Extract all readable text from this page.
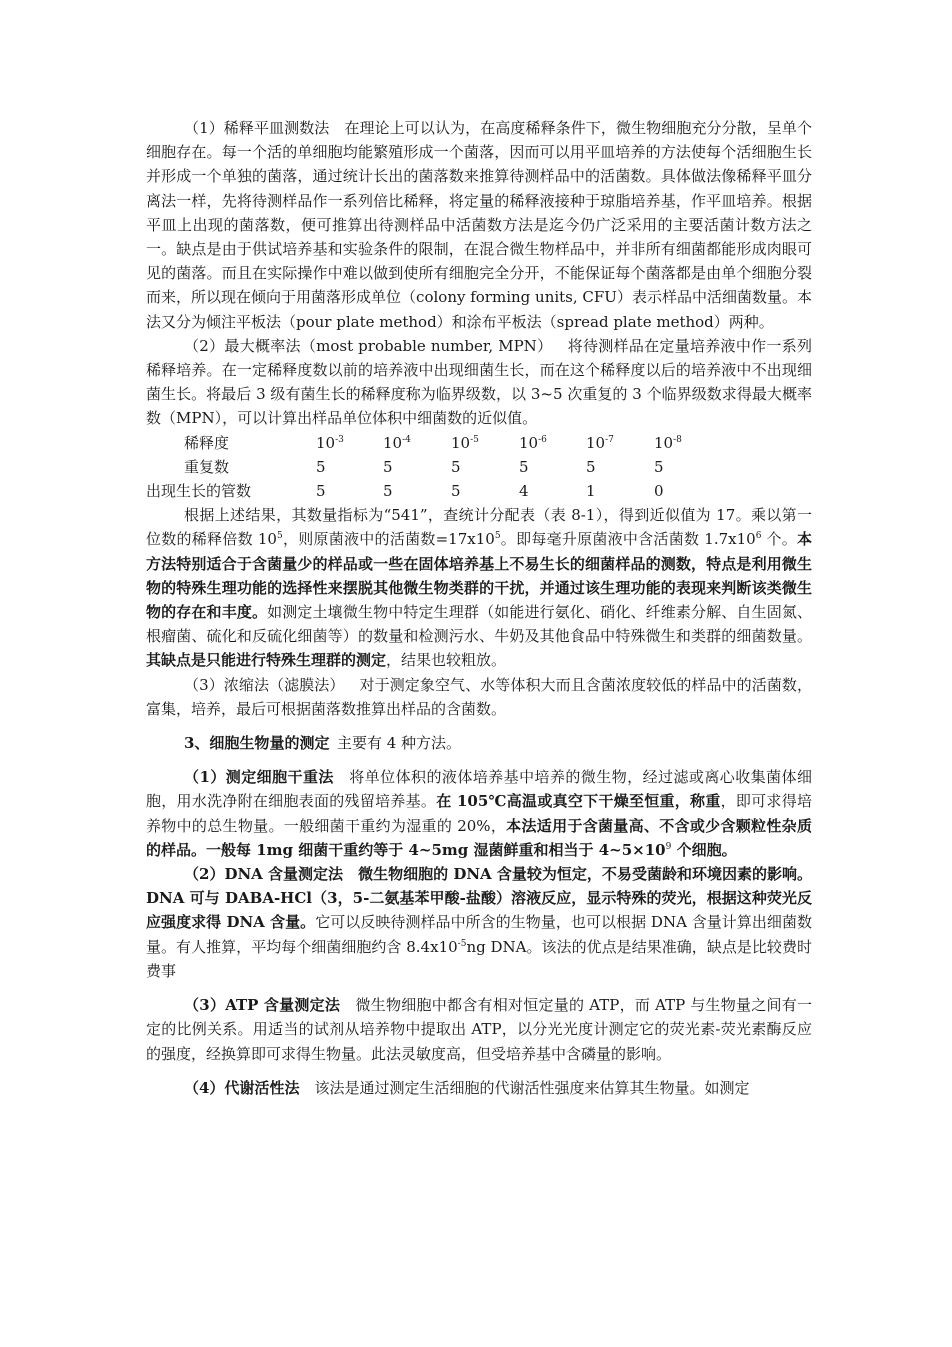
（1）稀释平皿测数法  在理论上可以认为，在高度稀释条件下，微生物细胞充分分散，呈单个细胞存在。每一个活的单细胞均能繁殖形成一个菌落，因而可以用平皿培养的方法使每个活细胞生长并形成一个单独的菌落，通过统计长出的菌落数来推算待测样品中的活菌数。具体做法像稀释平皿分离法一样，先将待测样品作一系列倍比稀释，将定量的稀释液接种于琼脂培养基，作平皿培养。根据平皿上出现的菌落数，便可推算出待测样品中活菌数方法是迄今仍广泛采用的主要活菌计数方法之一。缺点是由于供试培养基和实验条件的限制，在混合微生物样品中，并非所有细菌都能形成肉眼可见的菌落。而且在实际操作中难以做到使所有细胞完全分开，不能保证每个菌落都是由单个细胞分裂而来，所以现在倾向于用菌落形成单位（colony forming units, CFU）表示样品中活细菌数量。本法又分为倾注平板法（pour plate method）和涂布平板法（spread plate method）两种。

（2）最大概率法（most probable number, MPN）  将待测样品在定量培养液中作一系列稀释培养。在一定稀释度数以前的培养液中出现细菌生长，而在这个稀释度以后的培养液中不出现细菌生长。将最后 3 级有菌生长的稀释度称为临界级数，以 3~5 次重复的 3 个临界级数求得最大概率数（MPN），可以计算出样品单位体积中细菌数的近似值。

稀释度	$10^{-3}$	$10^{-4}$	$10^{-5}$	$10^{-6}$	$10^{-7}$	$10^{-8}$
重复数	5	5	5	5	5	5
出现生长的管数	5	5	5	4	1	0

根据上述结果，其数量指标为“541”，查统计分配表（表 8-1），得到近似值为 17。乘以第一位数的稀释倍数 $10^5$，则原菌液中的活菌数$=17x10^5$。即每毫升原菌液中含活菌数 $1.7x10^6$ 个。本方法特别适合于含菌量少的样品或一些在固体培养基上不易生长的细菌样品的测数，特点是利用微生物的特殊生理功能的选择性来摆脱其他微生物类群的干扰，并通过该生理功能的表现来判断该类微生物的存在和丰度。如测定土壤微生物中特定生理群（如能进行氨化、硝化、纤维素分解、自生固氮、根瘤菌、硫化和反硫化细菌等）的数量和检测污水、牛奶及其他食品中特殊微生和类群的细菌数量。其缺点是只能进行特殊生理群的测定，结果也较粗放。

（3）浓缩法（滤膜法）  对于测定象空气、水等体积大而且含菌浓度较低的样品中的活菌数，富集，培养，最后可根据菌落数推算出样品的含菌数。

3、细胞生物量的测定  主要有 4 种方法。

（1）测定细胞干重法  将单位体积的液体培养基中培养的微生物，经过滤或离心收集菌体细胞，用水洗净附在细胞表面的残留培养基。在 105℃高温或真空下干燥至恒重，称重，即可求得培养物中的总生物量。一般细菌干重约为湿重的 20%，本法适用于含菌量高、不含或少含颗粒性杂质的样品。一般每 1mg 细菌干重约等于 4~5mg 湿菌鲜重和相当于 $4\sim 5\times 10^9$ 个细胞。

（2）DNA 含量测定法  微生物细胞的 DNA 含量较为恒定，不易受菌龄和环境因素的影响。DNA 可与 DABA-HCl（3，5-二氨基苯甲酸-盐酸）溶液反应，显示特殊的荧光，根据这种荧光反应强度求得 DNA 含量。它可以反映待测样品中所含的生物量，也可以根据 DNA 含量计算出细菌数量。有人推算，平均每个细菌细胞约含 $8.4x10^{-5}ng$ DNA。该法的优点是结果准确，缺点是比较费时费事

（3）ATP 含量测定法  微生物细胞中都含有相对恒定量的 ATP，而 ATP 与生物量之间有一定的比例关系。用适当的试剂从培养物中提取出 ATP，以分光光度计测定它的荧光素-荧光素酶反应的强度，经换算即可求得生物量。此法灵敏度高，但受培养基中含磷量的影响。

（4）代谢活性法  该法是通过测定生活细胞的代谢活性强度来估算其生物量。如测定
